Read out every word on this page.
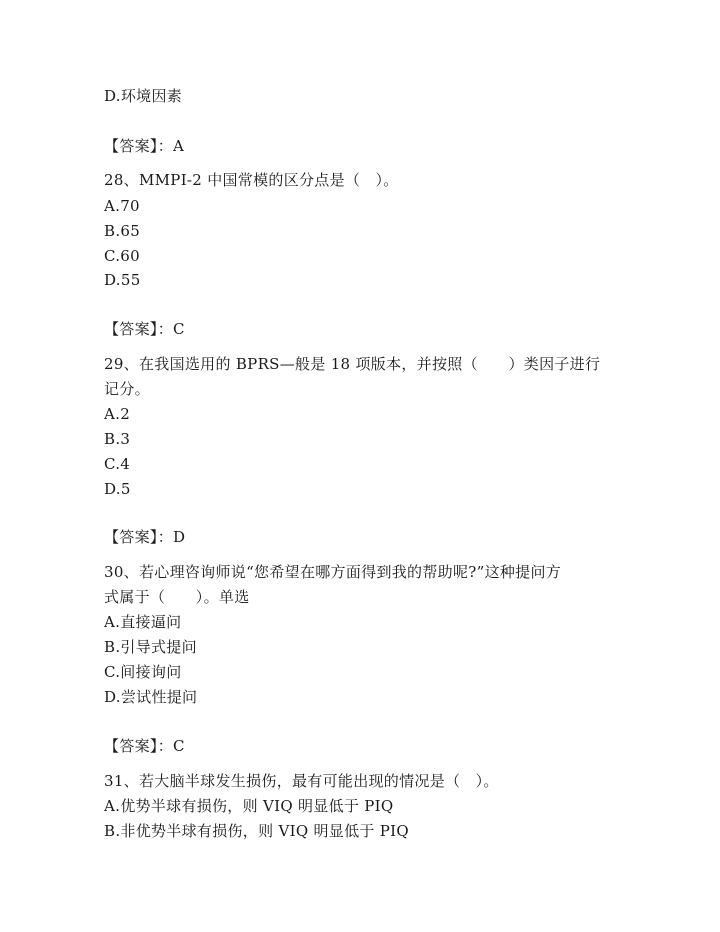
D.环境因素
【答案】：A
28、MMPI-2 中国常模的区分点是（　）。
A.70
B.65
C.60
D.55
【答案】：C
29、在我国选用的 BPRS—般是 18 项版本，并按照（　　）类因子进行
记分。
A.2
B.3
C.4
D.5
【答案】：D
30、若心理咨询师说“您希望在哪方面得到我的帮助呢?”这种提问方
式属于（　　）。单选
A.直接逼问
B.引导式提问
C.间接询问
D.尝试性提问
【答案】：C
31、若大脑半球发生损伤，最有可能出现的情况是（　）。
A.优势半球有损伤，则 VIQ 明显低于 PIQ
B.非优势半球有损伤，则 VIQ 明显低于 PIQ
